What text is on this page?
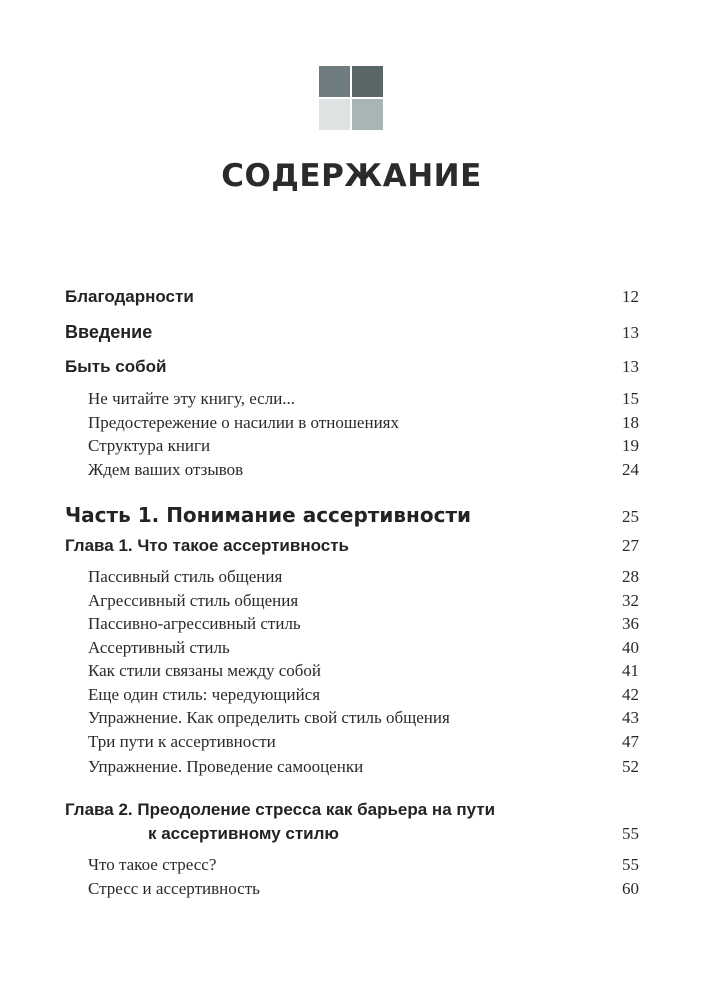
СОДЕРЖАНИЕ
Благодарности	12
Введение	13
Быть собой	13
Не читайте эту книгу, если...	15
Предостережение о насилии в отношениях	18
Структура книги	19
Ждем ваших отзывов	24
Часть 1. Понимание ассертивности	25
Глава 1. Что такое ассертивность	27
Пассивный стиль общения	28
Агрессивный стиль общения	32
Пассивно-агрессивный стиль	36
Ассертивный стиль	40
Как стили связаны между собой	41
Еще один стиль: чередующийся	42
Упражнение. Как определить свой стиль общения	43
Три пути к ассертивности	47
Упражнение. Проведение самооценки	52
Глава 2. Преодоление стресса как барьера на пути
к ассертивному стилю	55
Что такое стресс?	55
Стресс и ассертивность	60
